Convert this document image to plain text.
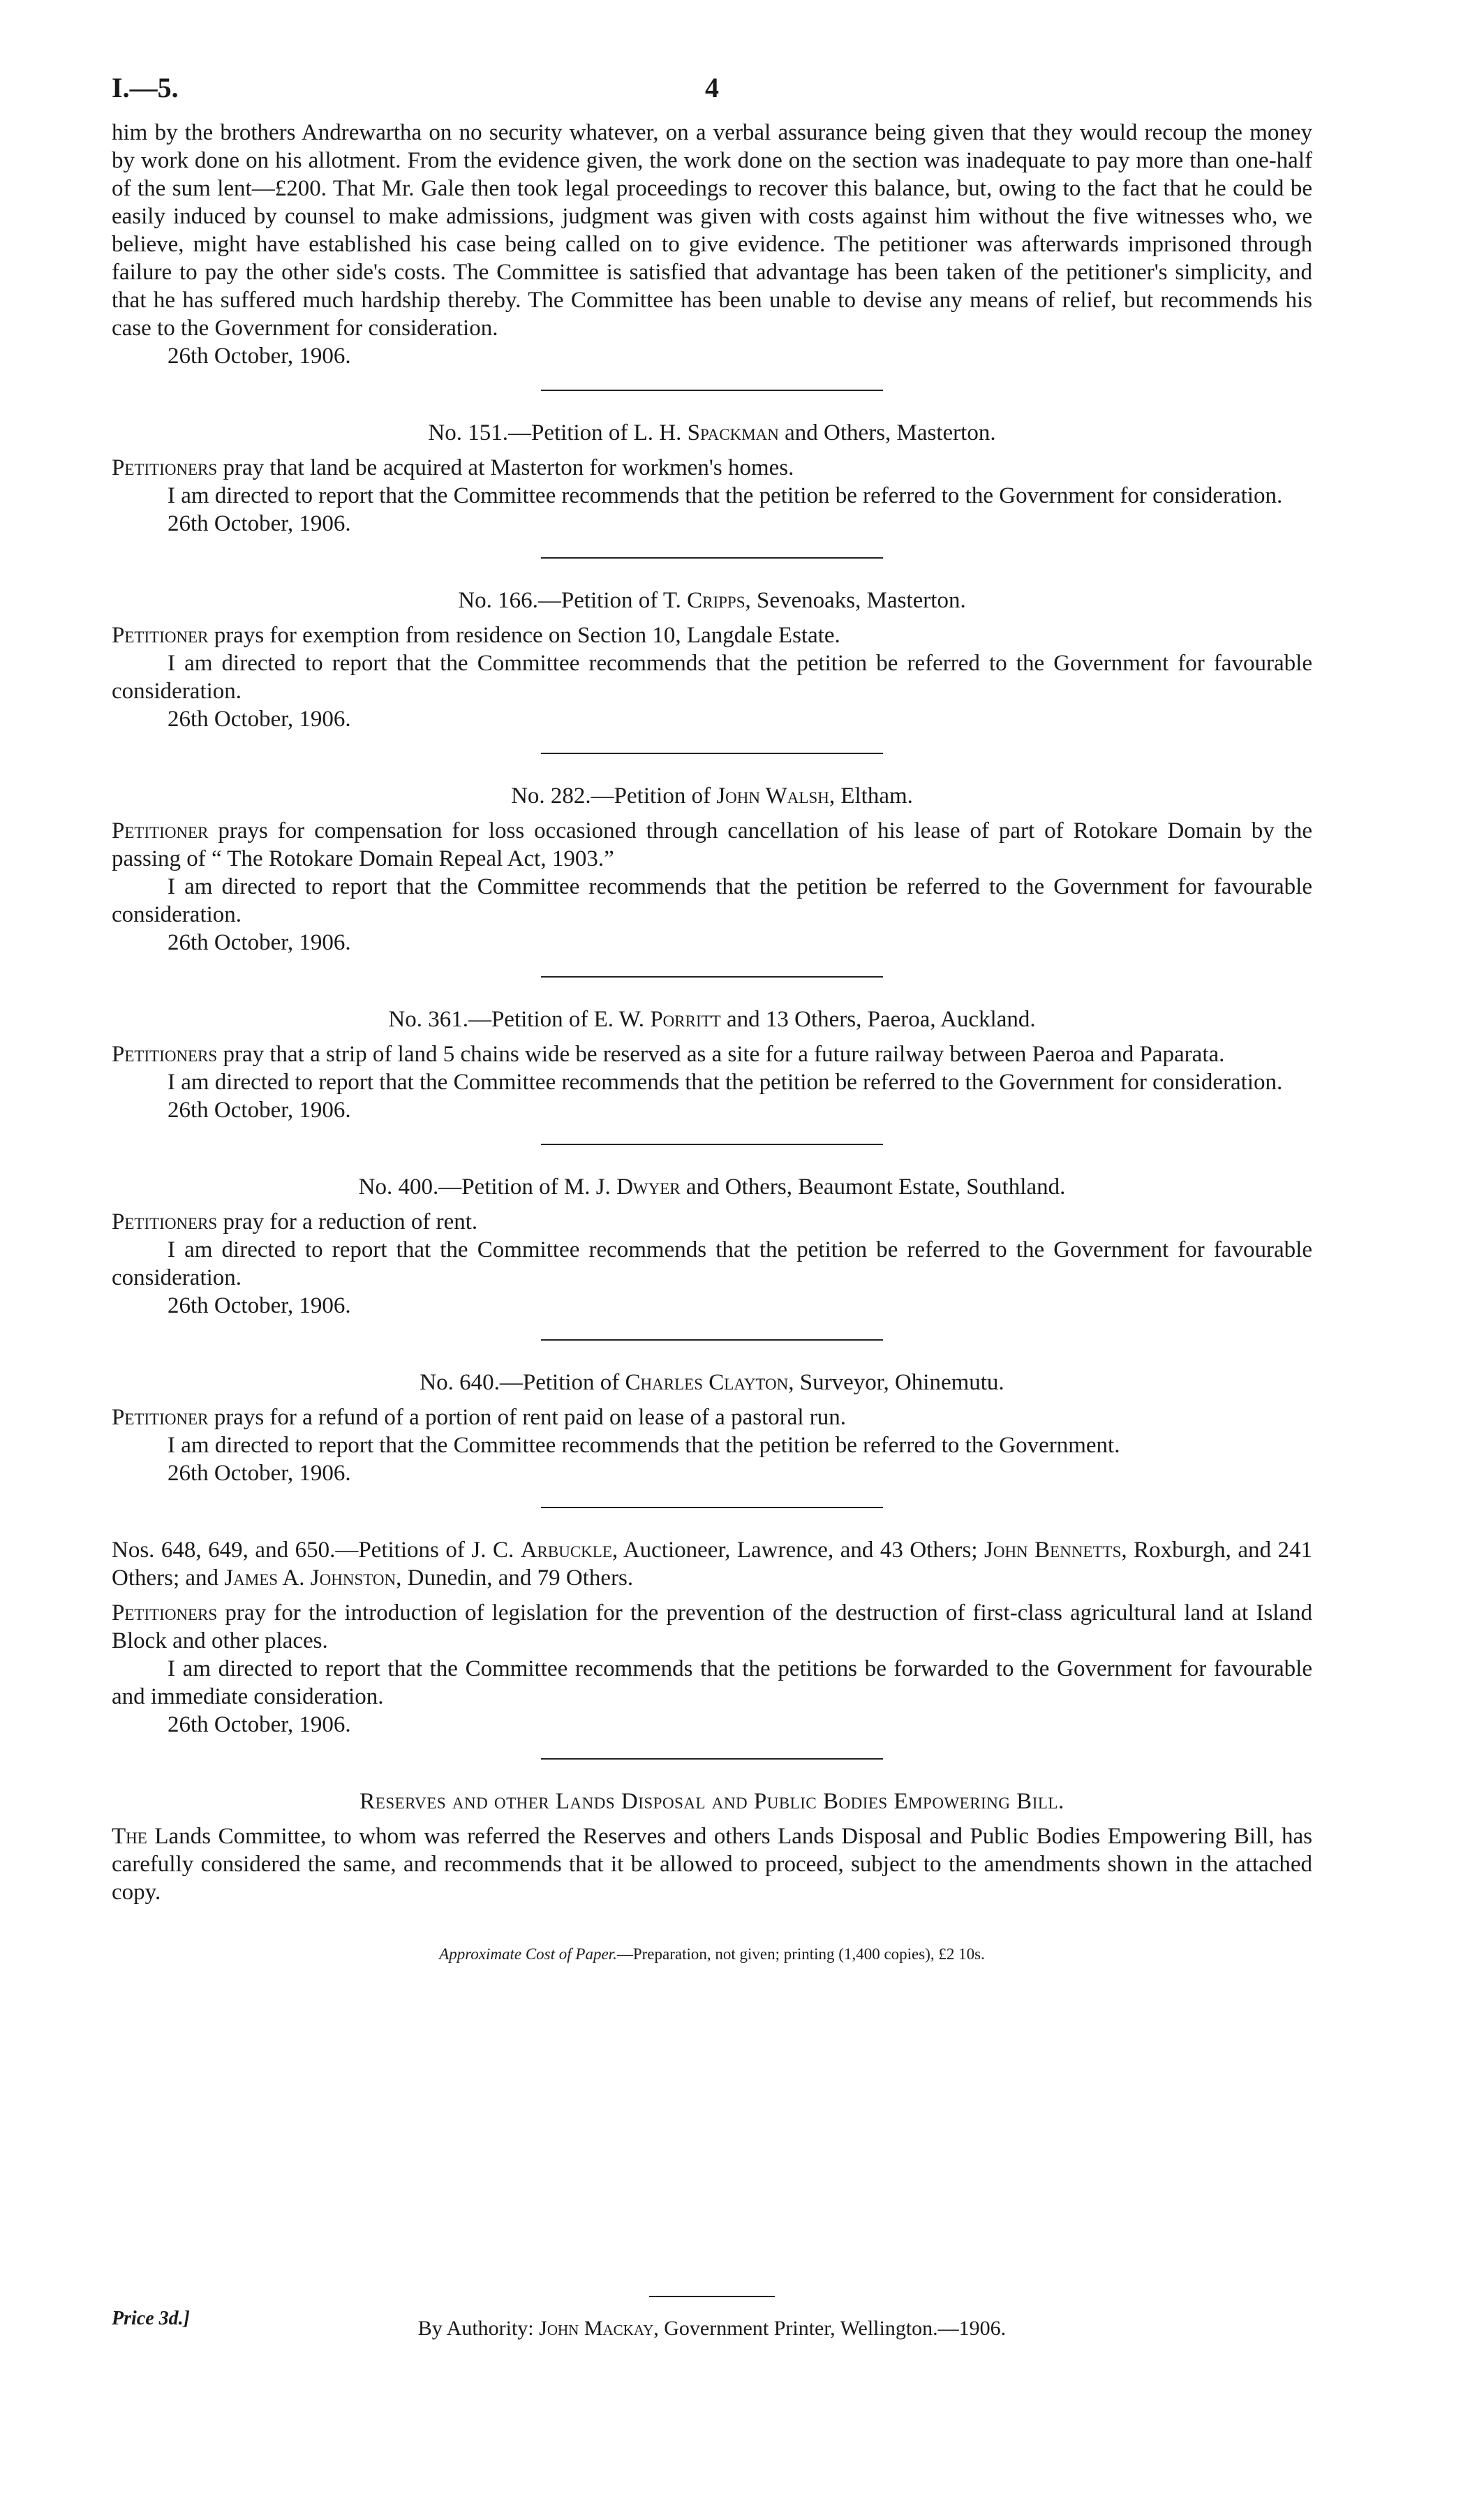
I.—5.	4

him by the brothers Andrewartha on no security whatever, on a verbal assurance being given that they would recoup the money by work done on his allotment. From the evidence given, the work done on the section was inadequate to pay more than one-half of the sum lent—£200. That Mr. Gale then took legal proceedings to recover this balance, but, owing to the fact that he could be easily induced by counsel to make admissions, judgment was given with costs against him without the five witnesses who, we believe, might have established his case being called on to give evidence. The petitioner was afterwards imprisoned through failure to pay the other side's costs. The Committee is satisfied that advantage has been taken of the petitioner's simplicity, and that he has suffered much hardship thereby. The Committee has been unable to devise any means of relief, but recommends his case to the Government for consideration.

26th October, 1906.

No. 151.—Petition of L. H. Spackman and Others, Masterton.

Petitioners pray that land be acquired at Masterton for workmen's homes.

I am directed to report that the Committee recommends that the petition be referred to the Government for consideration.

26th October, 1906.

No. 166.—Petition of T. Cripps, Sevenoaks, Masterton.

Petitioner prays for exemption from residence on Section 10, Langdale Estate.

I am directed to report that the Committee recommends that the petition be referred to the Government for favourable consideration.

26th October, 1906.

No. 282.—Petition of John Walsh, Eltham.

Petitioner prays for compensation for loss occasioned through cancellation of his lease of part of Rotokare Domain by the passing of “ The Rotokare Domain Repeal Act, 1903.”

I am directed to report that the Committee recommends that the petition be referred to the Government for favourable consideration.

26th October, 1906.

No. 361.—Petition of E. W. Porritt and 13 Others, Paeroa, Auckland.

Petitioners pray that a strip of land 5 chains wide be reserved as a site for a future railway between Paeroa and Paparata.

I am directed to report that the Committee recommends that the petition be referred to the Government for consideration.

26th October, 1906.

No. 400.—Petition of M. J. Dwyer and Others, Beaumont Estate, Southland.

Petitioners pray for a reduction of rent.

I am directed to report that the Committee recommends that the petition be referred to the Government for favourable consideration.

26th October, 1906.

No. 640.—Petition of Charles Clayton, Surveyor, Ohinemutu.

Petitioner prays for a refund of a portion of rent paid on lease of a pastoral run.

I am directed to report that the Committee recommends that the petition be referred to the Government.

26th October, 1906.

Nos. 648, 649, and 650.—Petitions of J. C. Arbuckle, Auctioneer, Lawrence, and 43 Others; John Bennetts, Roxburgh, and 241 Others; and James A. Johnston, Dunedin, and 79 Others.

Petitioners pray for the introduction of legislation for the prevention of the destruction of first-class agricultural land at Island Block and other places.

I am directed to report that the Committee recommends that the petitions be forwarded to the Government for favourable and immediate consideration.

26th October, 1906.

Reserves and other Lands Disposal and Public Bodies Empowering Bill.

The Lands Committee, to whom was referred the Reserves and others Lands Disposal and Public Bodies Empowering Bill, has carefully considered the same, and recommends that it be allowed to proceed, subject to the amendments shown in the attached copy.

Approximate Cost of Paper.—Preparation, not given; printing (1,400 copies), £2 10s.
By Authority: John Mackay, Government Printer, Wellington.—1906.
Price 3d.]
